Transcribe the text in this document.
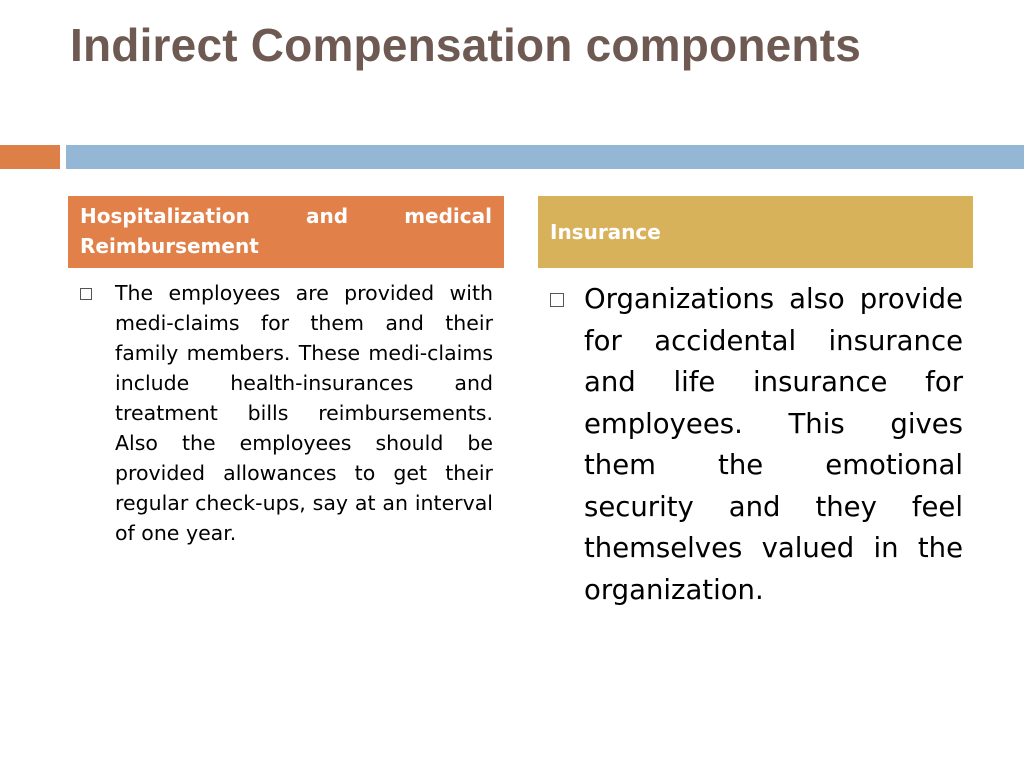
Indirect Compensation components
Hospitalization and medical Reimbursement
Insurance

The employees are provided with medi-claims for them and their family members. These medi-claims include health-insurances and treatment bills reimbursements. Also the employees should be provided allowances to get their regular check-ups, say at an interval of one year.

Organizations also provide for accidental insurance and life insurance for employees. This gives them the emotional security and they feel themselves valued in the organization.
